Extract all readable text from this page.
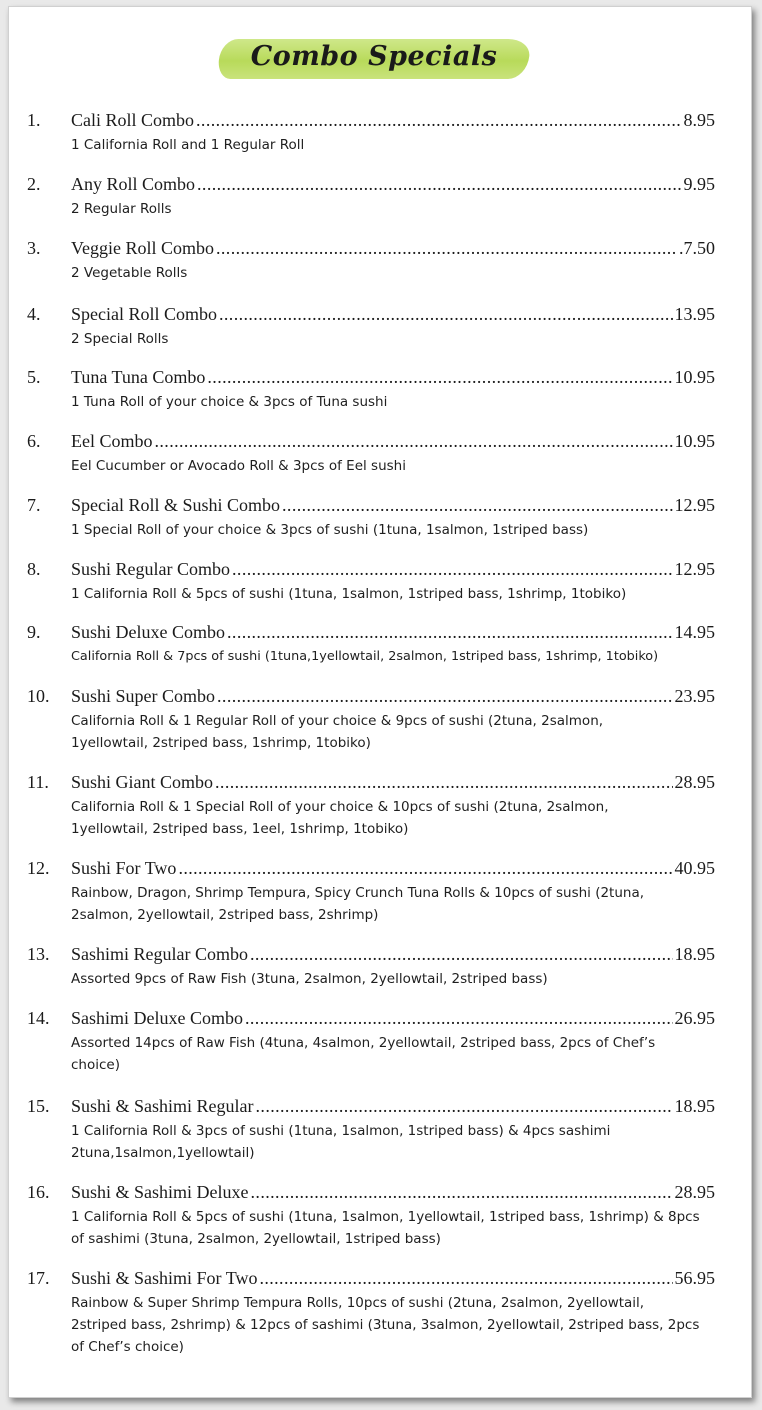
Combo Specials
1.	Cali Roll Combo .....	8.95
1 California Roll and 1 Regular Roll
2.	Any Roll Combo .....	9.95
2 Regular Rolls
3.	Veggie Roll Combo .....	.7.50
2 Vegetable Rolls
4.	Special Roll Combo .....	13.95
2 Special Rolls
5.	Tuna Tuna Combo .....	10.95
1 Tuna Roll of your choice & 3pcs of Tuna sushi
6.	Eel Combo .....	10.95
Eel Cucumber or Avocado Roll & 3pcs of Eel sushi
7.	Special Roll & Sushi Combo .....	12.95
1 Special Roll of your choice & 3pcs of sushi (1tuna, 1salmon, 1striped bass)
8.	Sushi Regular Combo .....	12.95
1 California Roll & 5pcs of sushi (1tuna, 1salmon, 1striped bass, 1shrimp, 1tobiko)
9.	Sushi Deluxe Combo .....	14.95
California Roll & 7pcs of sushi (1tuna,1yellowtail, 2salmon, 1striped bass, 1shrimp, 1tobiko)
10.	Sushi Super Combo .....	23.95
California Roll & 1 Regular Roll of your choice & 9pcs of sushi (2tuna, 2salmon, 1yellowtail, 2striped bass, 1shrimp, 1tobiko)
11.	Sushi Giant Combo .....	28.95
California Roll & 1 Special Roll of your choice & 10pcs of sushi (2tuna, 2salmon, 1yellowtail, 2striped bass, 1eel, 1shrimp, 1tobiko)
12.	Sushi For Two .....	40.95
Rainbow, Dragon, Shrimp Tempura, Spicy Crunch Tuna Rolls & 10pcs of sushi (2tuna, 2salmon, 2yellowtail, 2striped bass, 2shrimp)
13.	Sashimi Regular Combo .....	18.95
Assorted 9pcs of Raw Fish (3tuna, 2salmon, 2yellowtail, 2striped bass)
14.	Sashimi Deluxe Combo .....	26.95
Assorted 14pcs of Raw Fish (4tuna, 4salmon, 2yellowtail, 2striped bass, 2pcs of Chef’s choice)
15.	Sushi & Sashimi Regular .....	18.95
1 California Roll & 3pcs of sushi (1tuna, 1salmon, 1striped bass) & 4pcs sashimi 2tuna,1salmon,1yellowtail)
16.	Sushi & Sashimi Deluxe .....	28.95
1 California Roll & 5pcs of sushi (1tuna, 1salmon, 1yellowtail, 1striped bass, 1shrimp) & 8pcs of sashimi (3tuna, 2salmon, 2yellowtail, 1striped bass)
17.	Sushi & Sashimi For Two .....	56.95
Rainbow & Super Shrimp Tempura Rolls, 10pcs of sushi (2tuna, 2salmon, 2yellowtail, 2striped bass, 2shrimp) & 12pcs of sashimi (3tuna, 3salmon, 2yellowtail, 2striped bass, 2pcs of Chef’s choice)
